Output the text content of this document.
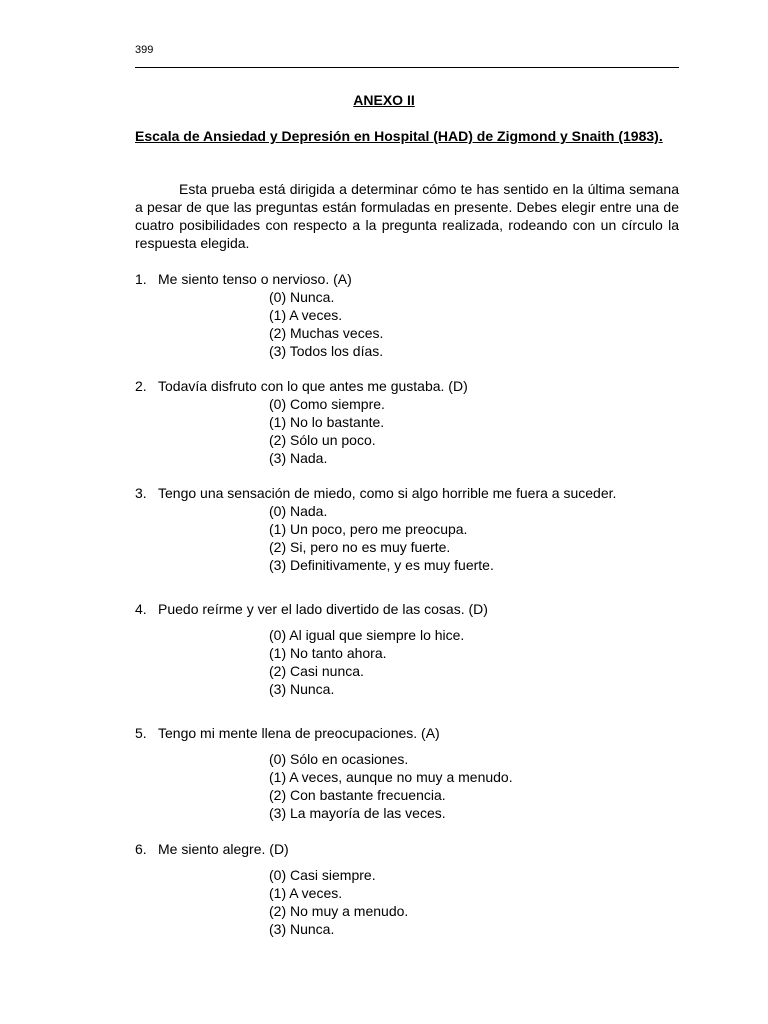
399
ANEXO II
Escala de Ansiedad y Depresión en Hospital (HAD) de Zigmond y Snaith (1983).

Esta prueba está dirigida a determinar cómo te has sentido en la última semana a pesar de que las preguntas están formuladas en presente. Debes elegir entre una de cuatro posibilidades con respecto a la pregunta realizada, rodeando con un círculo la respuesta elegida.

1. Me siento tenso o nervioso. (A)
(0) Nunca.
(1) A veces.
(2) Muchas veces.
(3) Todos los días.
2. Todavía disfruto con lo que antes me gustaba. (D)
(0) Como siempre.
(1) No lo bastante.
(2) Sólo un poco.
(3) Nada.
3. Tengo una sensación de miedo, como si algo horrible me fuera a suceder.
(0) Nada.
(1) Un poco, pero me preocupa.
(2) Si, pero no es muy fuerte.
(3) Definitivamente, y es muy fuerte.
4. Puedo reírme y ver el lado divertido de las cosas. (D)
(0) Al igual que siempre lo hice.
(1) No tanto ahora.
(2) Casi nunca.
(3) Nunca.
5. Tengo mi mente llena de preocupaciones. (A)
(0) Sólo en ocasiones.
(1) A veces, aunque no muy a menudo.
(2) Con bastante frecuencia.
(3) La mayoría de las veces.
6. Me siento alegre. (D)
(0) Casi siempre.
(1) A veces.
(2) No muy a menudo.
(3) Nunca.
